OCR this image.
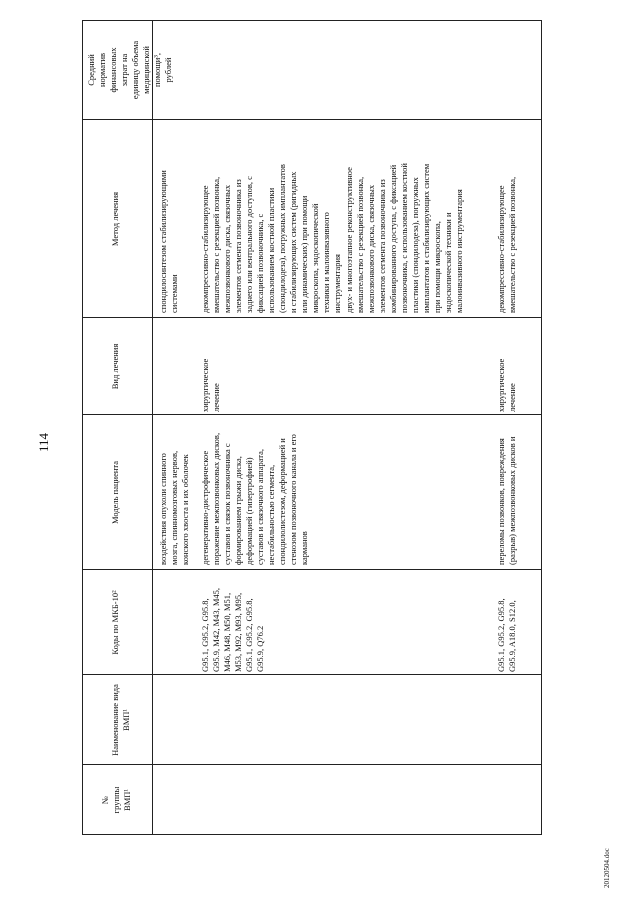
114
20120504.doc
№
группы
ВМП¹
Наименование вида ВМП¹
Коды по МКБ-10²
Модель пациента
Вид лечения
Метод лечения
Средний
норматив
финансовых
затрат на
единицу объема
медицинской
помощи³,
рублей
воздействия опухоли спинного
мозга, спинномозговых нервов,
конского хвоста и их оболочек
спондилосинтезом стабилизирующими
системами
G95.1, G95.2, G95.8,
G95.9, M42, M43, M45,
M46, M48, M50, M51,
M53, M92, M93, M95,
G95.1, G95.2, G95.8,
G95.9, Q76.2
дегенеративно-дистрофическое
поражение межпозвонковых дисков,
суставов и связок позвоночника с
формированием грыжи диска,
деформацией (гипертрофией)
суставов и связочного аппарата,
нестабильностью сегмента,
спондилолистезом, деформацией и
стенозом позвоночного канала и его
карманов
хирургическое
лечение
декомпрессивно-стабилизирующее
вмешательство с резекцией позвонка,
межпозвонкового диска, связочных
элементов сегмента позвоночника из
заднего или вентрального доступов, с
фиксацией позвоночника, с
использованием костной пластики
(спондилодеза), погружных имплантатов
и стабилизирующих систем (ригидных
или динамических) при помощи
микроскопа, эндоскопической
техники и малоинвазивного
инструментария двух- и многоэтапное реконструктивное
вмешательство с резекцией позвонка,
межпозвонкового диска, связочных
элементов сегмента позвоночника из
комбинированного доступа, с фиксацией
позвоночника, с использованием костной
пластики (спондилодеза), погружных
имплантатов и стабилизирующих систем
при помощи микроскопа,
эндоскопической техники и
малоинвазивного инструментария
G95.1, G95.2, G95.8,
G95.9, A18.0, S12.0,
переломы позвонков, повреждения
(разрыв) межпозвонковых дисков и
хирургическое
лечение
декомпрессивно-стабилизирующее
вмешательство с резекцией позвонка,
